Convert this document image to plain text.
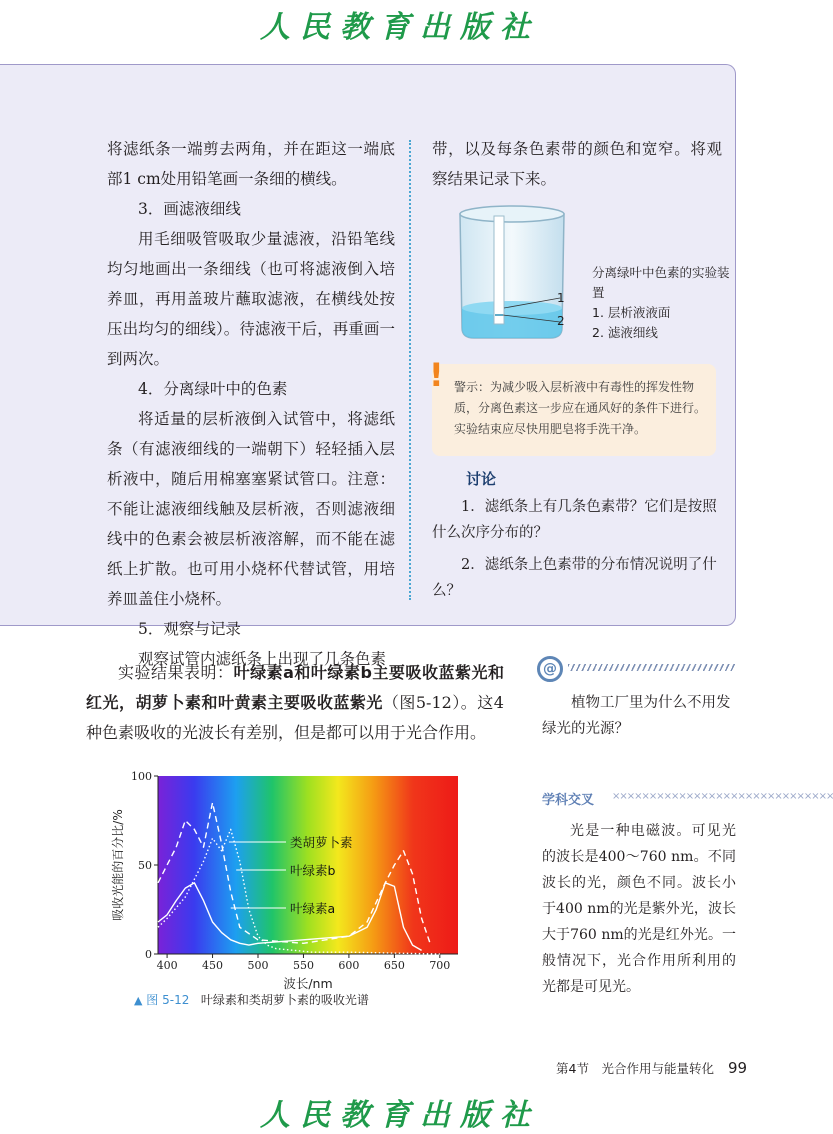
人民教育出版社

将滤纸条一端剪去两角，并在距这一端底部1 cm处用铅笔画一条细的横线。

3．画滤液细线

用毛细吸管吸取少量滤液，沿铅笔线均匀地画出一条细线（也可将滤液倒入培养皿，再用盖玻片蘸取滤液，在横线处按压出均匀的细线）。待滤液干后，再重画一到两次。

4．分离绿叶中的色素

将适量的层析液倒入试管中，将滤纸条（有滤液细线的一端朝下）轻轻插入层析液中，随后用棉塞塞紧试管口。注意：不能让滤液细线触及层析液，否则滤液细线中的色素会被层析液溶解，而不能在滤纸上扩散。也可用小烧杯代替试管，用培养皿盖住小烧杯。

5．观察与记录

观察试管内滤纸条上出现了几条色素

带，以及每条色素带的颜色和宽窄。将观察结果记录下来。

1
2
分离绿叶中色素的实验装置
1. 层析液液面
2. 滤液细线
警示：为减少吸入层析液中有毒性的挥发性物质，分离色素这一步应在通风好的条件下进行。实验结束应尽快用肥皂将手洗干净。
!
讨论

1．滤纸条上有几条色素带？它们是按照什么次序分布的？

2．滤纸条上色素带的分布情况说明了什么？

实验结果表明：叶绿素a和叶绿素b主要吸收蓝紫光和红光，胡萝卜素和叶黄素主要吸收蓝紫光（图5-12）。这4种色素吸收的光波长有差别，但是都可以用于光合作用。

@

植物工厂里为什么不用发绿光的光源？

学科交叉 ××××××××××××××××××××××××××××××

光是一种电磁波。可见光的波长是400～760 nm。不同波长的光，颜色不同。波长小于400 nm的光是紫外光，波长大于760 nm的光是红外光。一般情况下，光合作用所利用的光都是可见光。

400 450 500 550 600 650 700
0
50
100
类胡萝卜素
叶绿素b
叶绿素a
吸收光能的百分比/%
波长/nm
▲ 图 5-12 叶绿素和类胡萝卜素的吸收光谱
第4节　光合作用与能量转化 99
人民教育出版社
